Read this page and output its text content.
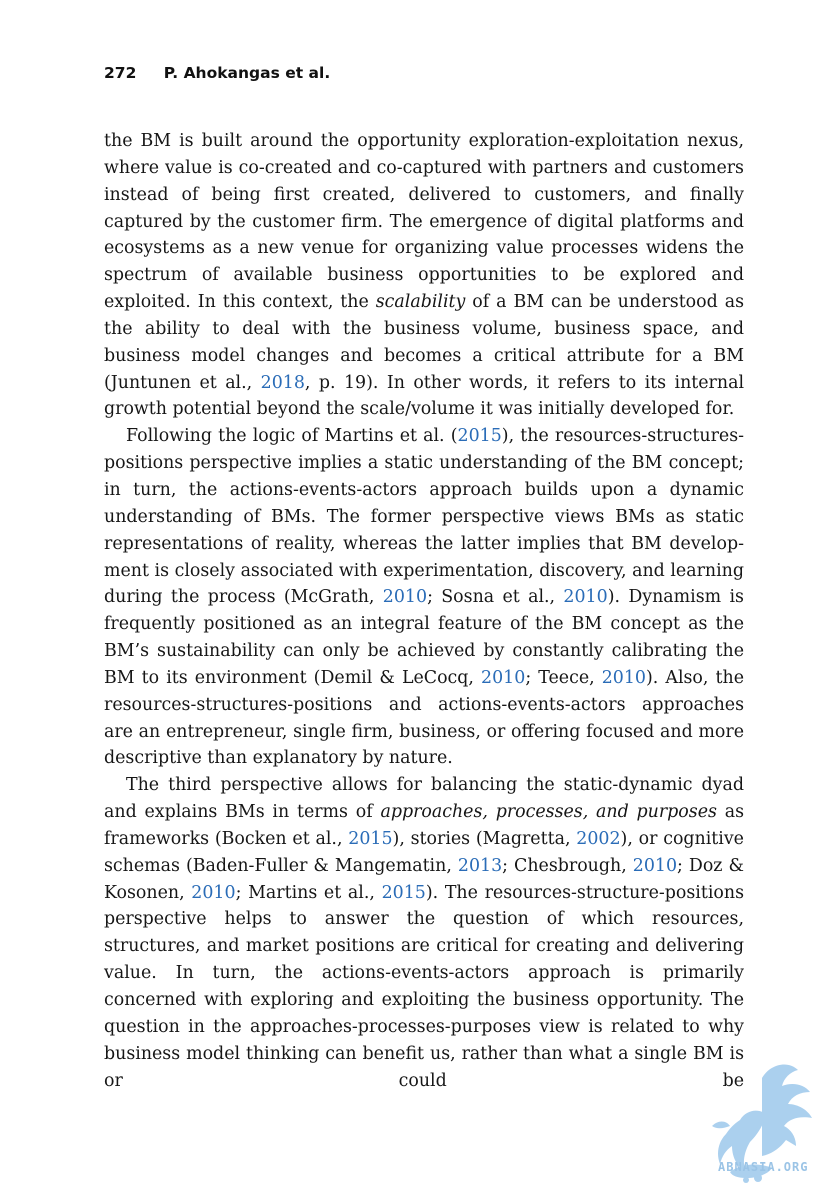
272 P. Ahokangas et al.

the BM is built around the opportunity exploration-exploitation nexus, where value is co-created and co-captured with partners and customers instead of being first created, delivered to customers, and finally captured by the customer firm. The emergence of digital platforms and ecosystems as a new venue for organizing value processes widens the spectrum of available business opportunities to be explored and exploited. In this context, the scalability of a BM can be understood as the ability to deal with the business volume, business space, and business model changes and becomes a critical attribute for a BM (Juntunen et al., 2018, p. 19). In other words, it refers to its internal growth potential beyond the scale/​volume it was initially developed for.

Following the logic of Martins et al. (2015), the resources-structures-​positions perspective implies a static understanding of the BM concept; in turn, the actions-events-actors approach builds upon a dynamic understanding of BMs. The former perspective views BMs as static representations of reality, whereas the latter implies that BM development is closely associated with experimentation, discovery, and learning during the process (McGrath, 2010; Sosna et al., 2010). Dynamism is frequently positioned as an integral feature of the BM concept as the BM’s sustainability can only be achieved by constantly calibrating the BM to its environment (Demil & LeCocq, 2010; Teece, 2010). Also, the resources-structures-positions and actions-events-actors approaches are an entrepreneur, single firm, business, or offering focused and more descriptive than explanatory by nature.

The third perspective allows for balancing the static-dynamic dyad and explains BMs in terms of approaches, processes, and purposes as frameworks (Bocken et al., 2015), stories (Magretta, 2002), or cognitive schemas (Baden-Fuller & Mangematin, 2013; Chesbrough, 2010; Doz & Kosonen, 2010; Martins et al., 2015). The resources-structure-​positions perspective helps to answer the question of which resources, structures, and market positions are critical for creating and delivering value. In turn, the actions-events-actors approach is primarily concerned with exploring and exploiting the business opportunity. The question in the approaches-processes-purposes view is related to why business model thinking can benefit us, rather than what a single BM is or could be

ABNASIA.ORG
